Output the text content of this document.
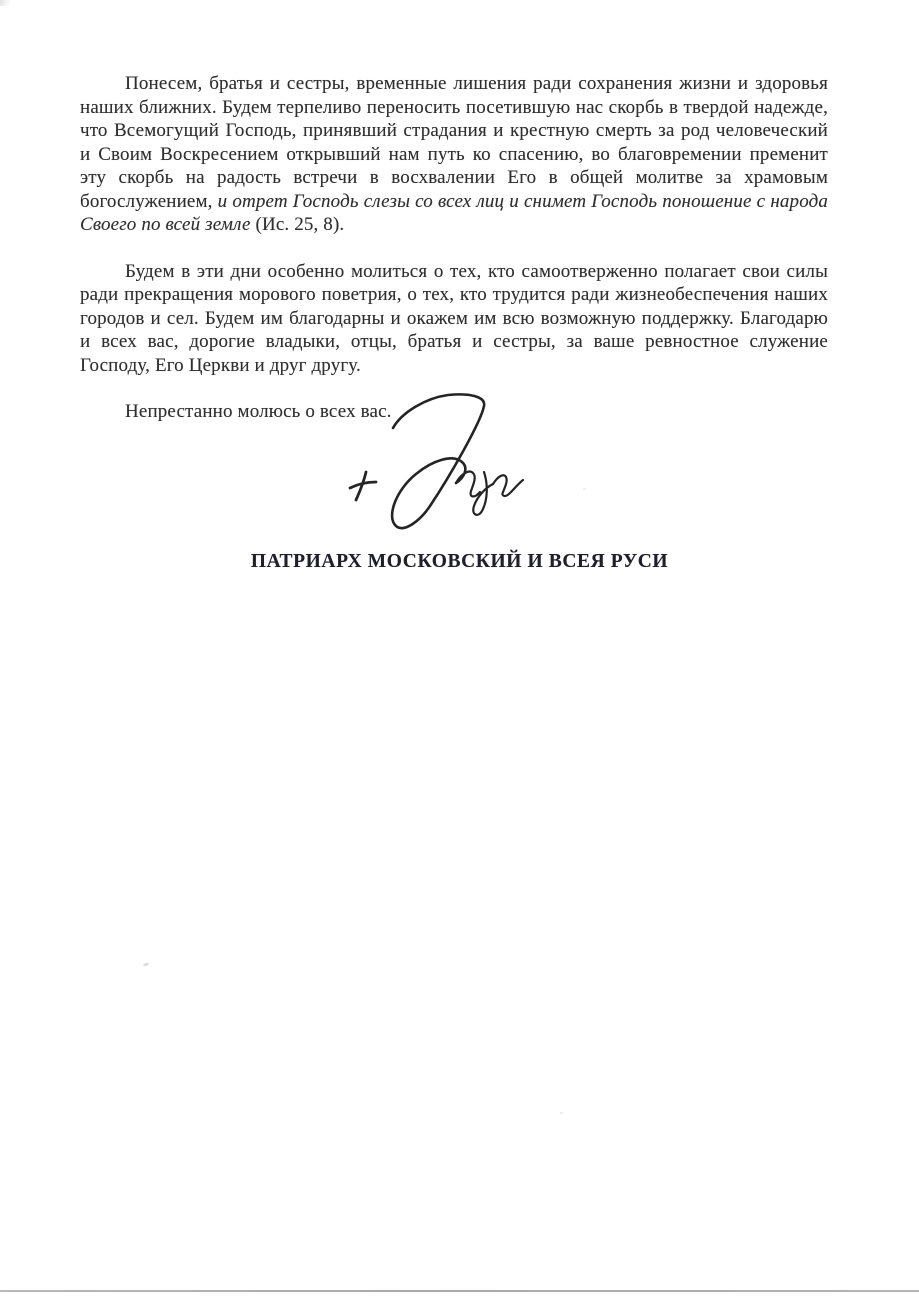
Понесем, братья и сестры, временные лишения ради сохранения жизни и здоровья наших ближних. Будем терпеливо переносить посетившую нас скорбь в твердой надежде, что Всемогущий Господь, принявший страдания и крестную смерть за род человеческий и Своим Воскресением открывший нам путь ко спасению, во благовремении пременит эту скорбь на радость встречи в восхвалении Его в общей молитве за храмовым богослужением, и отрет Господь слезы со всех лиц и снимет Господь поношение с народа Своего по всей земле (Ис. 25, 8).

Будем в эти дни особенно молиться о тех, кто самоотверженно полагает свои силы ради прекращения морового поветрия, о тех, кто трудится ради жизнеобеспечения наших городов и сел. Будем им благодарны и окажем им всю возможную поддержку. Благодарю и всех вас, дорогие владыки, отцы, братья и сестры, за ваше ревностное служение Господу, Его Церкви и друг другу.

Непрестанно молюсь о всех вас.

ПАТРИАРХ МОСКОВСКИЙ И ВСЕЯ РУСИ
